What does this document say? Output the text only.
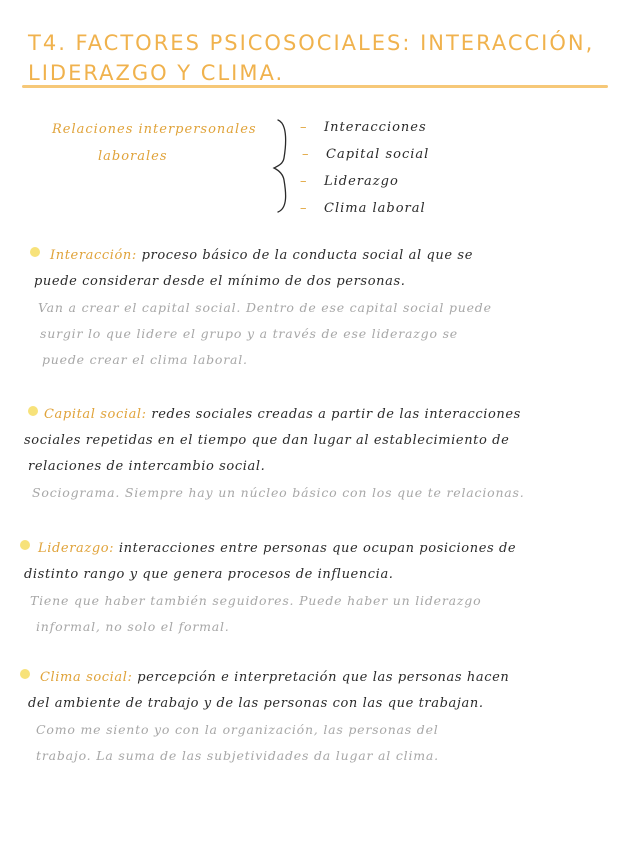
T4. FACTORES PSICOSOCIALES: INTERACCIÓN,
LIDERAZGO Y CLIMA.
Relaciones interpersonales
laborales
– Interacciones
– Capital social
– Liderazgo
– Clima laboral

Interacción: proceso básico de la conducta social al que se

puede considerar desde el mínimo de dos personas.

Van a crear el capital social. Dentro de ese capital social puede

surgir lo que lidere el grupo y a través de ese liderazgo se

puede crear el clima laboral.

Capital social: redes sociales creadas a partir de las interacciones

sociales repetidas en el tiempo que dan lugar al establecimiento de

relaciones de intercambio social.

Sociograma. Siempre hay un núcleo básico con los que te relacionas.

Liderazgo: interacciones entre personas que ocupan posiciones de

distinto rango y que genera procesos de influencia.

Tiene que haber también seguidores. Puede haber un liderazgo

informal, no solo el formal.

Clima social: percepción e interpretación que las personas hacen

del ambiente de trabajo y de las personas con las que trabajan.

Como me siento yo con la organización, las personas del

trabajo. La suma de las subjetividades da lugar al clima.
